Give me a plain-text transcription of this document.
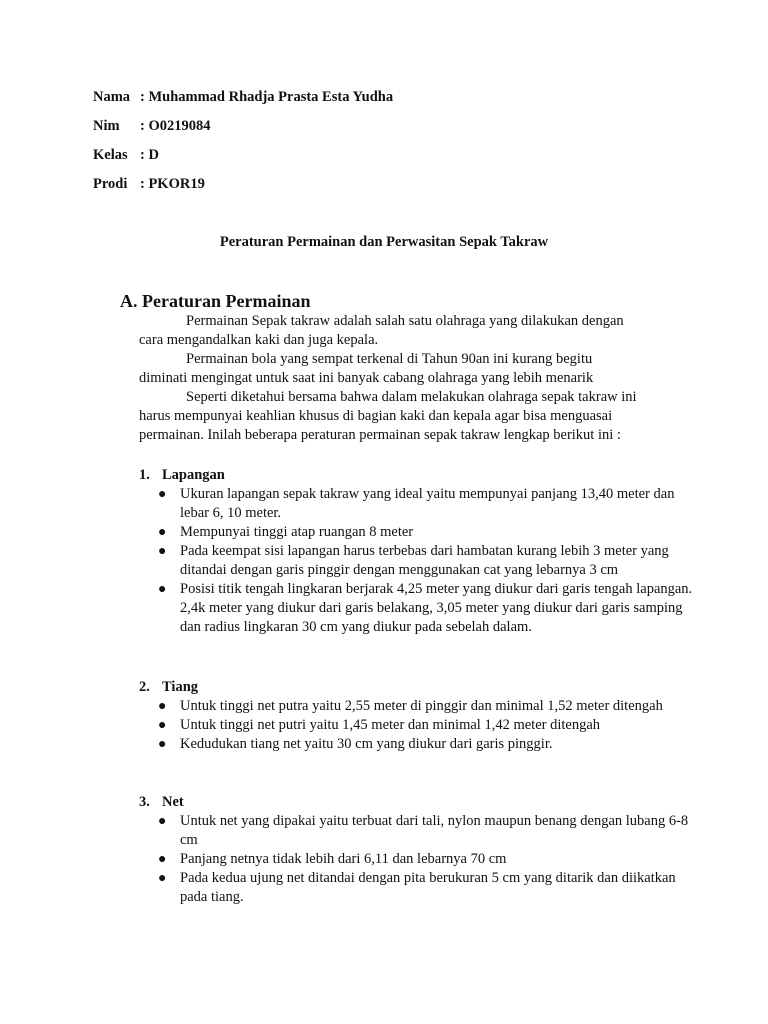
Nama : Muhammad Rhadja Prasta Esta Yudha
Nim : O0219084
Kelas : D
Prodi : PKOR19
Peraturan Permainan dan Perwasitan Sepak Takraw
A. Peraturan Permainan

Permainan Sepak takraw adalah salah satu olahraga yang dilakukan dengan

cara mengandalkan kaki dan juga kepala.

Permainan bola yang sempat terkenal di Tahun 90an ini kurang begitu

diminati mengingat untuk saat ini banyak cabang olahraga yang lebih menarik

Seperti diketahui bersama bahwa dalam melakukan olahraga sepak takraw ini

harus mempunyai keahlian khusus di bagian kaki dan kepala agar bisa menguasai

permainan. Inilah beberapa peraturan permainan sepak takraw lengkap berikut ini :

1. Lapangan
● Ukuran lapangan sepak takraw yang ideal yaitu mempunyai panjang 13,40 meter dan lebar 6, 10 meter.
● Mempunyai tinggi atap ruangan 8 meter
● Pada keempat sisi lapangan harus terbebas dari hambatan kurang lebih 3 meter yang ditandai dengan garis pinggir dengan menggunakan cat yang lebarnya 3 cm
● Posisi titik tengah lingkaran berjarak 4,25 meter yang diukur dari garis tengah lapangan. 2,4k meter yang diukur dari garis belakang, 3,05 meter yang diukur dari garis samping dan radius lingkaran 30 cm yang diukur pada sebelah dalam.
2. Tiang
● Untuk tinggi net putra yaitu 2,55 meter di pinggir dan minimal 1,52 meter ditengah
● Untuk tinggi net putri yaitu 1,45 meter dan minimal 1,42 meter ditengah
● Kedudukan tiang net yaitu 30 cm yang diukur dari garis pinggir.
3. Net
● Untuk net yang dipakai yaitu terbuat dari tali, nylon maupun benang dengan lubang 6-8 cm
● Panjang netnya tidak lebih dari 6,11 dan lebarnya 70 cm
● Pada kedua ujung net ditandai dengan pita berukuran 5 cm yang ditarik dan diikatkan pada tiang.
